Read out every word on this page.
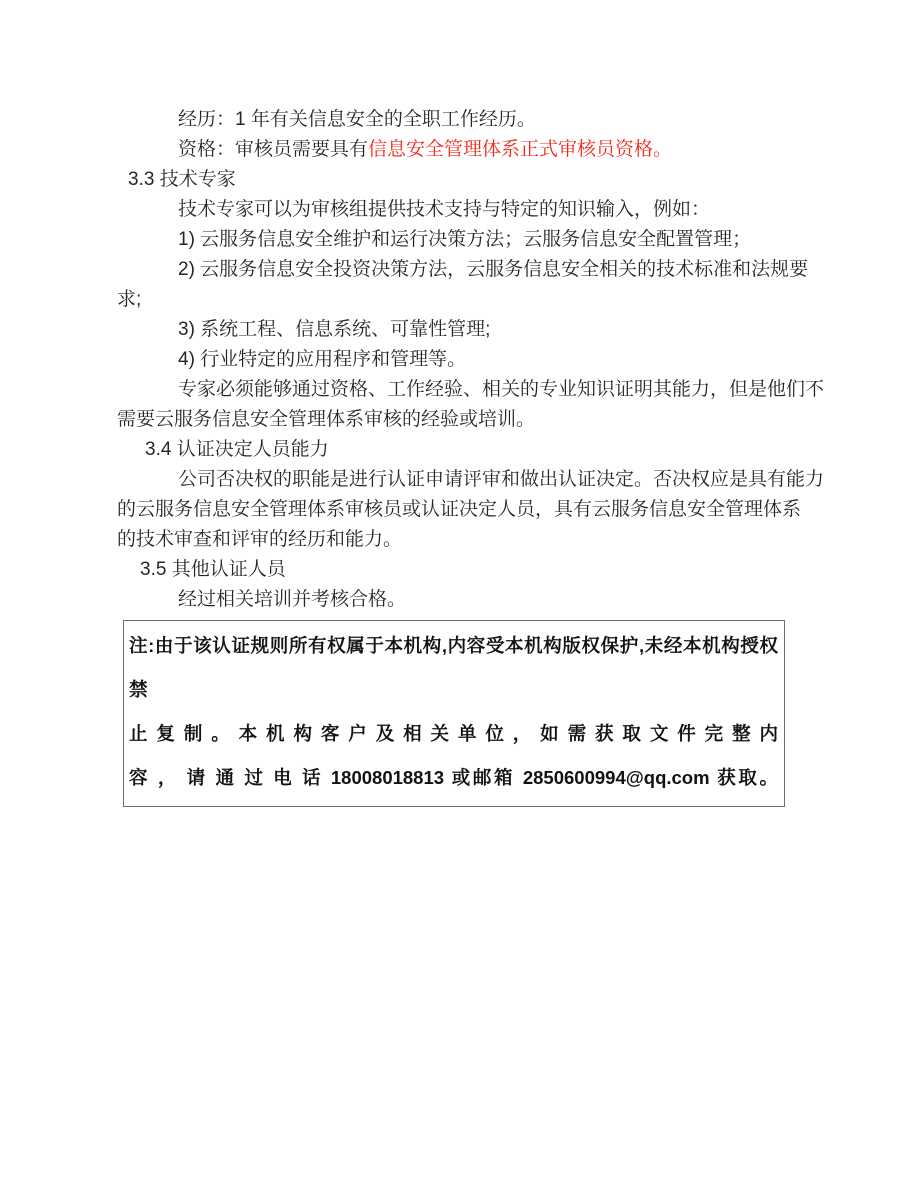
经历：1 年有关信息安全的全职工作经历。
资格：审核员需要具有信息安全管理体系正式审核员资格。
3.3 技术专家
技术专家可以为审核组提供技术支持与特定的知识输入，例如：
1) 云服务信息安全维护和运行决策方法；云服务信息安全配置管理；
2) 云服务信息安全投资决策方法，云服务信息安全相关的技术标准和法规要
求;
3) 系统工程、信息系统、可靠性管理;
4) 行业特定的应用程序和管理等。
专家必须能够通过资格、工作经验、相关的专业知识证明其能力，但是他们不
需要云服务信息安全管理体系审核的经验或培训。
3.4 认证决定人员能力
公司否决权的职能是进行认证申请评审和做出认证决定。否决权应是具有能力
的云服务信息安全管理体系审核员或认证决定人员，具有云服务信息安全管理体系
的技术审查和评审的经历和能力。
3.5 其他认证人员
经过相关培训并考核合格。
注:由于该认证规则所有权属于本机构,内容受本机构版权保护,未经本机构授权 禁
止 复 制 。 本 机 构 客 户 及 相 关 单 位 ， 如 需 获 取 文 件 完 整 内
容 ， 请 通 过 电 话 18008018813 或邮箱 2850600994@qq.com 获取。
